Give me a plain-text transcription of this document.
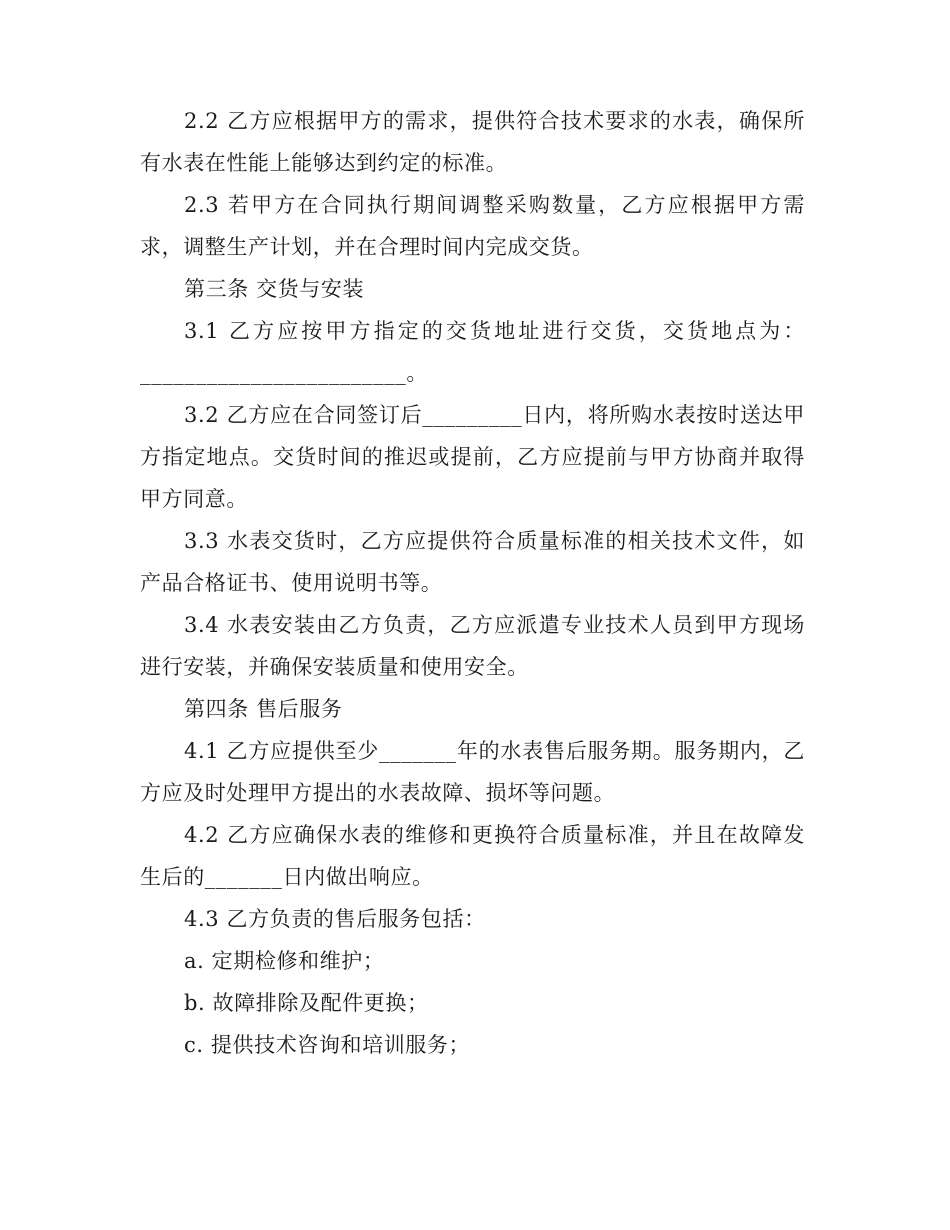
2.2 乙方应根据甲方的需求，提供符合技术要求的水表，确保所有水表在性能上能够达到约定的标准。

2.3 若甲方在合同执行期间调整采购数量，乙方应根据甲方需求，调整生产计划，并在合理时间内完成交货。

第三条 交货与安装

3.1 乙方应按甲方指定的交货地址进行交货，交货地点为：________________________。

3.2 乙方应在合同签订后_________日内，将所购水表按时送达甲方指定地点。交货时间的推迟或提前，乙方应提前与甲方协商并取得甲方同意。

3.3 水表交货时，乙方应提供符合质量标准的相关技术文件，如产品合格证书、使用说明书等。

3.4 水表安装由乙方负责，乙方应派遣专业技术人员到甲方现场进行安装，并确保安装质量和使用安全。

第四条 售后服务

4.1 乙方应提供至少_______年的水表售后服务期。服务期内，乙方应及时处理甲方提出的水表故障、损坏等问题。

4.2 乙方应确保水表的维修和更换符合质量标准，并且在故障发生后的_______日内做出响应。

4.3 乙方负责的售后服务包括：

a. 定期检修和维护；

b. 故障排除及配件更换；

c. 提供技术咨询和培训服务；
